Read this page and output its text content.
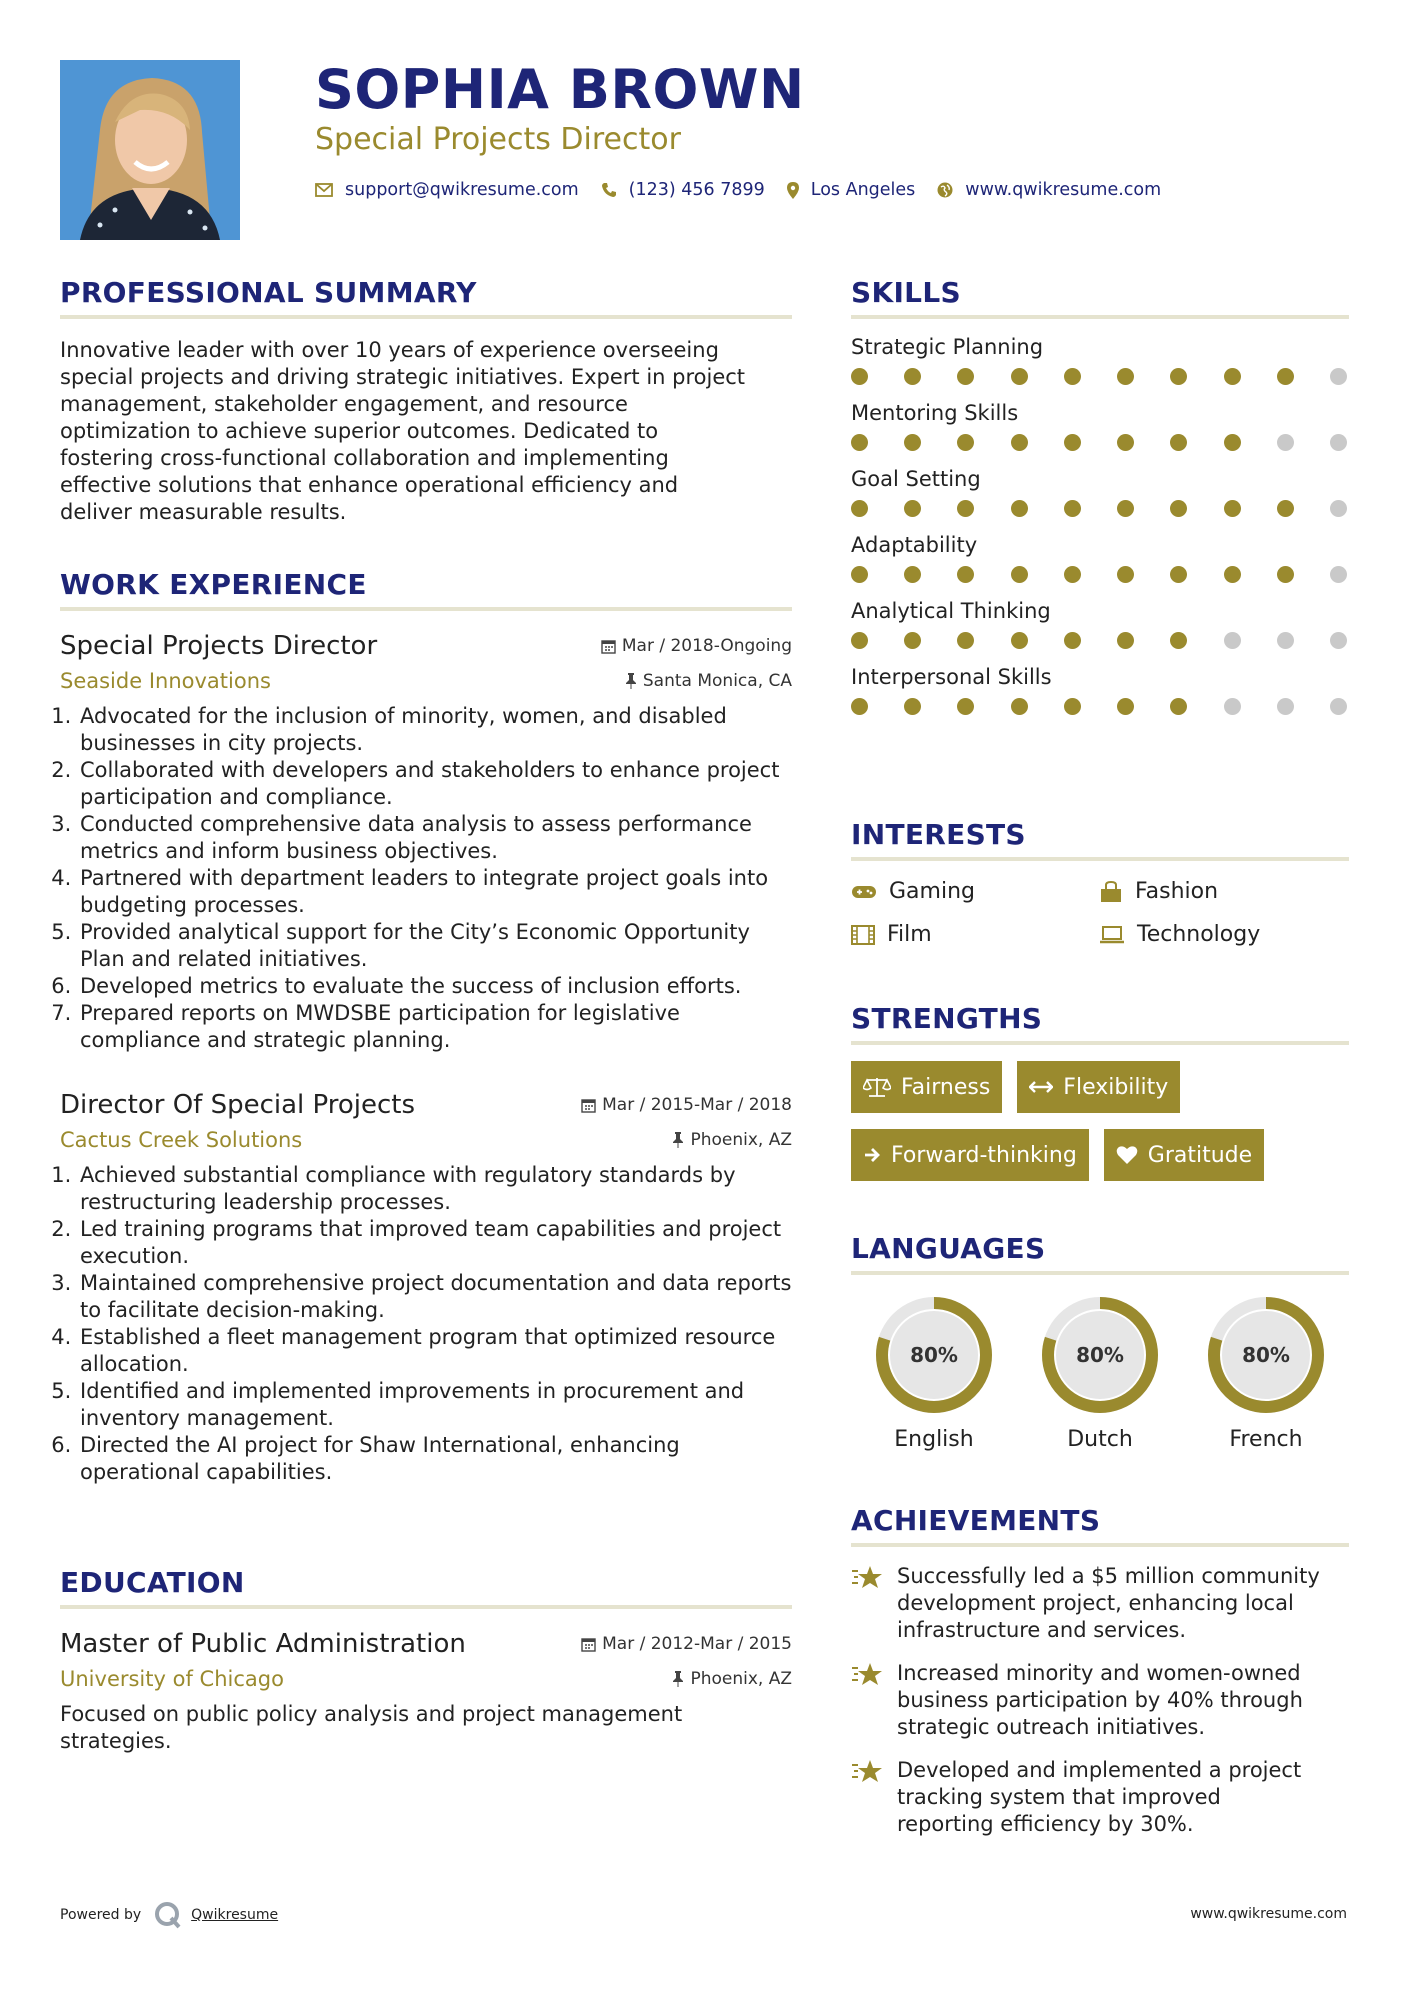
SOPHIA BROWN
Special Projects Director
support@qwikresume.com	(123) 456 7899	Los Angeles	www.qwikresume.com
PROFESSIONAL SUMMARY
Innovative leader with over 10 years of experience overseeing
special projects and driving strategic initiatives. Expert in project
management, stakeholder engagement, and resource
optimization to achieve superior outcomes. Dedicated to
fostering cross-functional collaboration and implementing
effective solutions that enhance operational efficiency and
deliver measurable results.
WORK EXPERIENCE
Special Projects Director	Mar / 2018-Ongoing
Seaside Innovations	Santa Monica, CA
1. Advocated for the inclusion of minority, women, and disabled businesses in city projects.
2. Collaborated with developers and stakeholders to enhance project participation and compliance.
3. Conducted comprehensive data analysis to assess performance metrics and inform business objectives.
4. Partnered with department leaders to integrate project goals into budgeting processes.
5. Provided analytical support for the City’s Economic Opportunity Plan and related initiatives.
6. Developed metrics to evaluate the success of inclusion efforts.
7. Prepared reports on MWDSBE participation for legislative compliance and strategic planning.
Director Of Special Projects	Mar / 2015-Mar / 2018
Cactus Creek Solutions	Phoenix, AZ
1. Achieved substantial compliance with regulatory standards by restructuring leadership processes.
2. Led training programs that improved team capabilities and project execution.
3. Maintained comprehensive project documentation and data reports to facilitate decision-making.
4. Established a fleet management program that optimized resource allocation.
5. Identified and implemented improvements in procurement and inventory management.
6. Directed the AI project for Shaw International, enhancing operational capabilities.
EDUCATION
Master of Public Administration	Mar / 2012-Mar / 2015
University of Chicago	Phoenix, AZ
Focused on public policy analysis and project management
strategies.
SKILLS
Strategic Planning
Mentoring Skills
Goal Setting
Adaptability
Analytical Thinking
Interpersonal Skills
INTERESTS
Gaming	Fashion
Film	Technology
STRENGTHS
Fairness	Flexibility
Forward-thinking	Gratitude
LANGUAGES
80%
English
80%
Dutch
80%
French
ACHIEVEMENTS
Successfully led a $5 million community
development project, enhancing local
infrastructure and services.
Increased minority and women-owned
business participation by 40% through
strategic outreach initiatives.
Developed and implemented a project
tracking system that improved
reporting efficiency by 30%.
Powered by	Qwikresume	www.qwikresume.com
